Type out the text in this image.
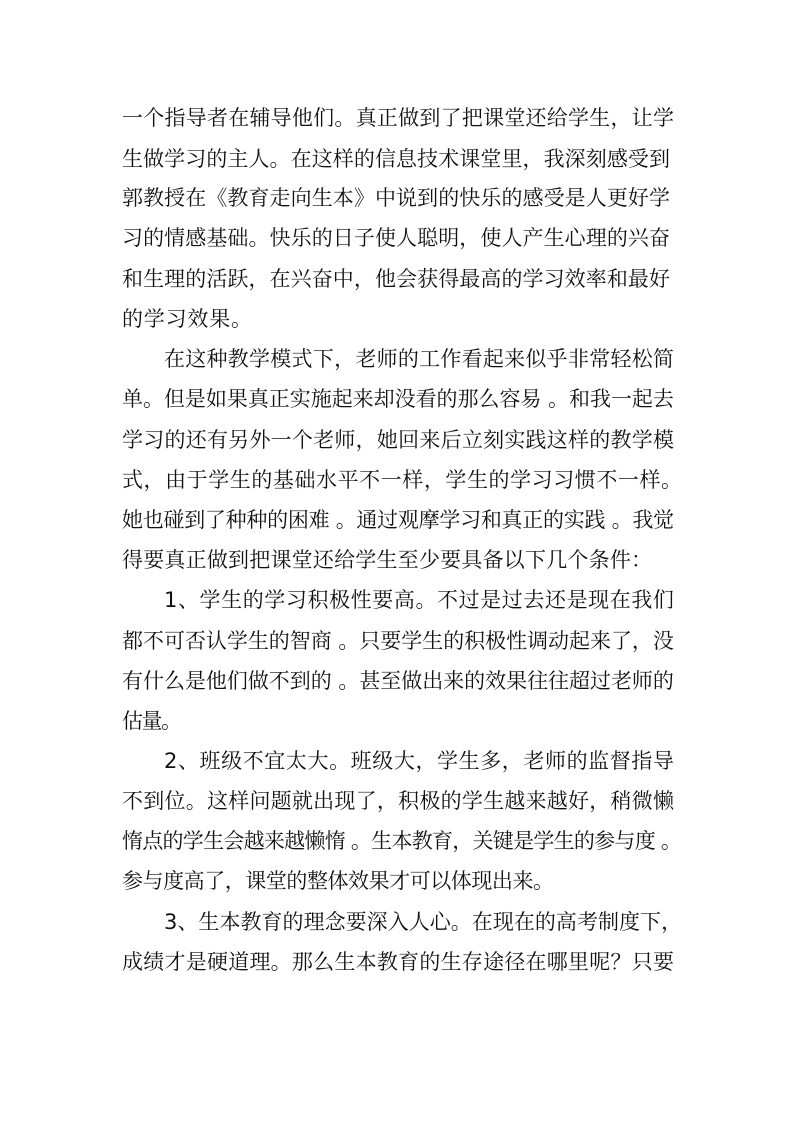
一个指导者在辅导他们。真正做到了把课堂还给学生，让学
生做学习的主人。在这样的信息技术课堂里，我深刻感受到
郭教授在《教育走向生本》中说到的快乐的感受是人更好学
习的情感基础。快乐的日子使人聪明，使人产生心理的兴奋
和生理的活跃，在兴奋中，他会获得最高的学习效率和最好
的学习效果。
在这种教学模式下，老师的工作看起来似乎非常轻松简
单。但是如果真正实施起来却没看的那么容易 。和我一起去
学习的还有另外一个老师，她回来后立刻实践这样的教学模
式，由于学生的基础水平不一样，学生的学习习惯不一样。
她也碰到了种种的困难 。通过观摩学习和真正的实践 。我觉
得要真正做到把课堂还给学生至少要具备以下几个条件：
1、学生的学习积极性要高。不过是过去还是现在我们
都不可否认学生的智商 。只要学生的积极性调动起来了，没
有什么是他们做不到的 。甚至做出来的效果往往超过老师的
估量。
2、班级不宜太大。班级大，学生多，老师的监督指导
不到位。这样问题就出现了，积极的学生越来越好，稍微懒
惰点的学生会越来越懒惰 。生本教育，关键是学生的参与度 。
参与度高了，课堂的整体效果才可以体现出来。
3、生本教育的理念要深入人心。在现在的高考制度下，
成绩才是硬道理。那么生本教育的生存途径在哪里呢？只要
